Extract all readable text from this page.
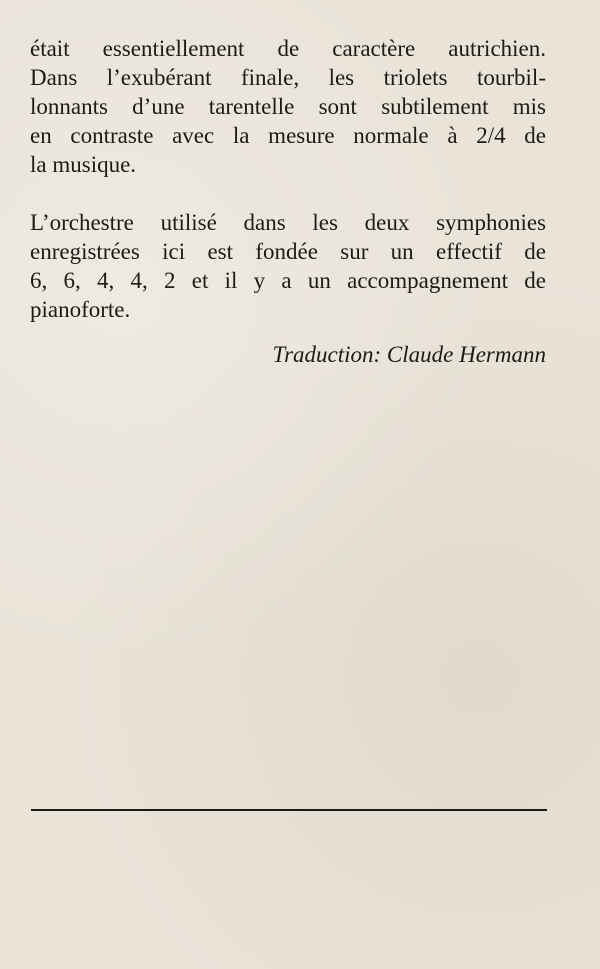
était essentiellement de caractère autrichien.
Dans l’exubérant finale, les triolets tourbil-
lonnants d’une tarentelle sont subtilement mis
en contraste avec la mesure normale à 2/4 de
la musique.

L’orchestre utilisé dans les deux symphonies
enregistrées ici est fondée sur un effectif de
6, 6, 4, 4, 2 et il y a un accompagnement de
pianoforte.

Traduction: Claude Hermann
